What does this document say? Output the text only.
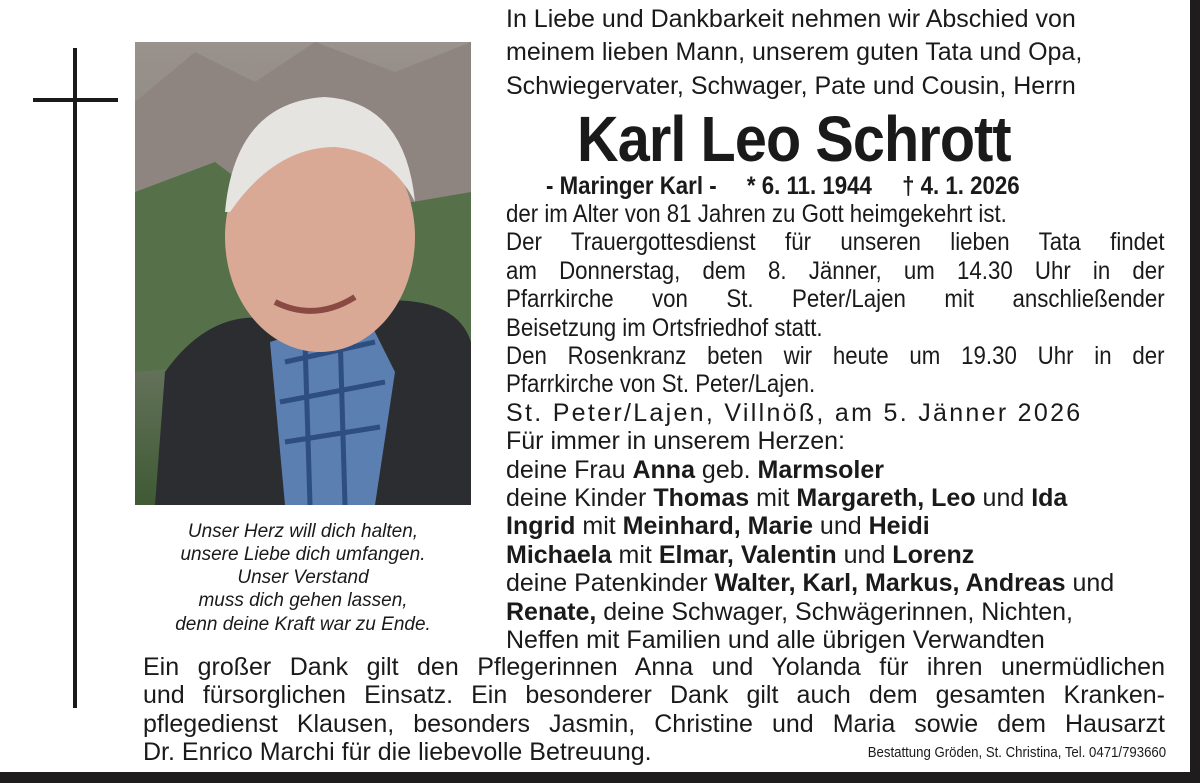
Unser Herz will dich halten,
unsere Liebe dich umfangen.
Unser Verstand
muss dich gehen lassen,
denn deine Kraft war zu Ende.
In Liebe und Dankbarkeit nehmen wir Abschied von
meinem lieben Mann, unserem guten Tata und Opa,
Schwiegervater, Schwager, Pate und Cousin, Herrn
Karl Leo Schrott
- Maringer Karl - * 6. 11. 1944 † 4. 1. 2026
der im Alter von 81 Jahren zu Gott heimgekehrt ist.
Der Trauergottesdienst für unseren lieben Tata findet
am Donnerstag, dem 8. Jänner, um 14.30 Uhr in der
Pfarrkirche von St. Peter/Lajen mit anschließender
Beisetzung im Ortsfriedhof statt.
Den Rosenkranz beten wir heute um 19.30 Uhr in der
Pfarrkirche von St. Peter/Lajen.
St. Peter/Lajen, Villnöß, am 5. Jänner 2026
Für immer in unserem Herzen:
deine Frau Anna geb. Marmsoler
deine Kinder Thomas mit Margareth, Leo und Ida
Ingrid mit Meinhard, Marie und Heidi
Michaela mit Elmar, Valentin und Lorenz
deine Patenkinder Walter, Karl, Markus, Andreas und
Renate, deine Schwager, Schwägerinnen, Nichten,
Neffen mit Familien und alle übrigen Verwandten
Ein großer Dank gilt den Pflegerinnen Anna und Yolanda für ihren unermüdlichen
und fürsorglichen Einsatz. Ein besonderer Dank gilt auch dem gesamten Kranken-
pflegedienst Klausen, besonders Jasmin, Christine und Maria sowie dem Hausarzt
Dr. Enrico Marchi für die liebevolle Betreuung.	Bestattung Gröden, St. Christina, Tel. 0471/793660
